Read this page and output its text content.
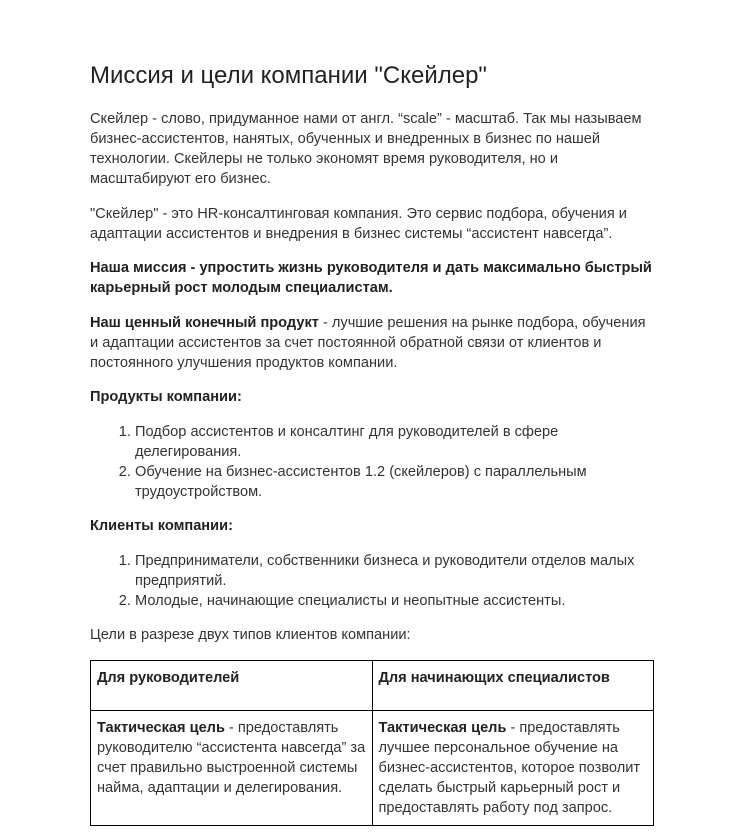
Миссия и цели компании "Скейлер"

Скейлер - слово, придуманное нами от англ. “scale” - масштаб. Так мы называем бизнес-ассистентов, нанятых, обученных и внедренных в бизнес по нашей технологии. Скейлеры не только экономят время руководителя, но и масштабируют его бизнес.

"Скейлер" - это HR-консалтинговая компания. Это сервис подбора, обучения и адаптации ассистентов и внедрения в бизнес системы “ассистент навсегда”.

Наша миссия - упростить жизнь руководителя и дать максимально быстрый карьерный рост молодым специалистам.

Наш ценный конечный продукт - лучшие решения на рынке подбора, обучения и адаптации ассистентов за счет постоянной обратной связи от клиентов и постоянного улучшения продуктов компании.

Продукты компании:

1. Подбор ассистентов и консалтинг для руководителей в сфере делегирования.
2. Обучение на бизнес-ассистентов 1.2 (скейлеров) с параллельным трудоустройством.

Клиенты компании:

1. Предприниматели, собственники бизнеса и руководители отделов малых предприятий.
2. Молодые, начинающие специалисты и неопытные ассистенты.

Цели в разрезе двух типов клиентов компании:

Для руководителей	Для начинающих специалистов
Тактическая цель - предоставлять руководителю “ассистента навсегда” за счет правильно выстроенной системы найма, адаптации и делегирования.	Тактическая цель - предоставлять лучшее персональное обучение на бизнес-ассистентов, которое позволит сделать быстрый карьерный рост и предоставлять работу под запрос.
